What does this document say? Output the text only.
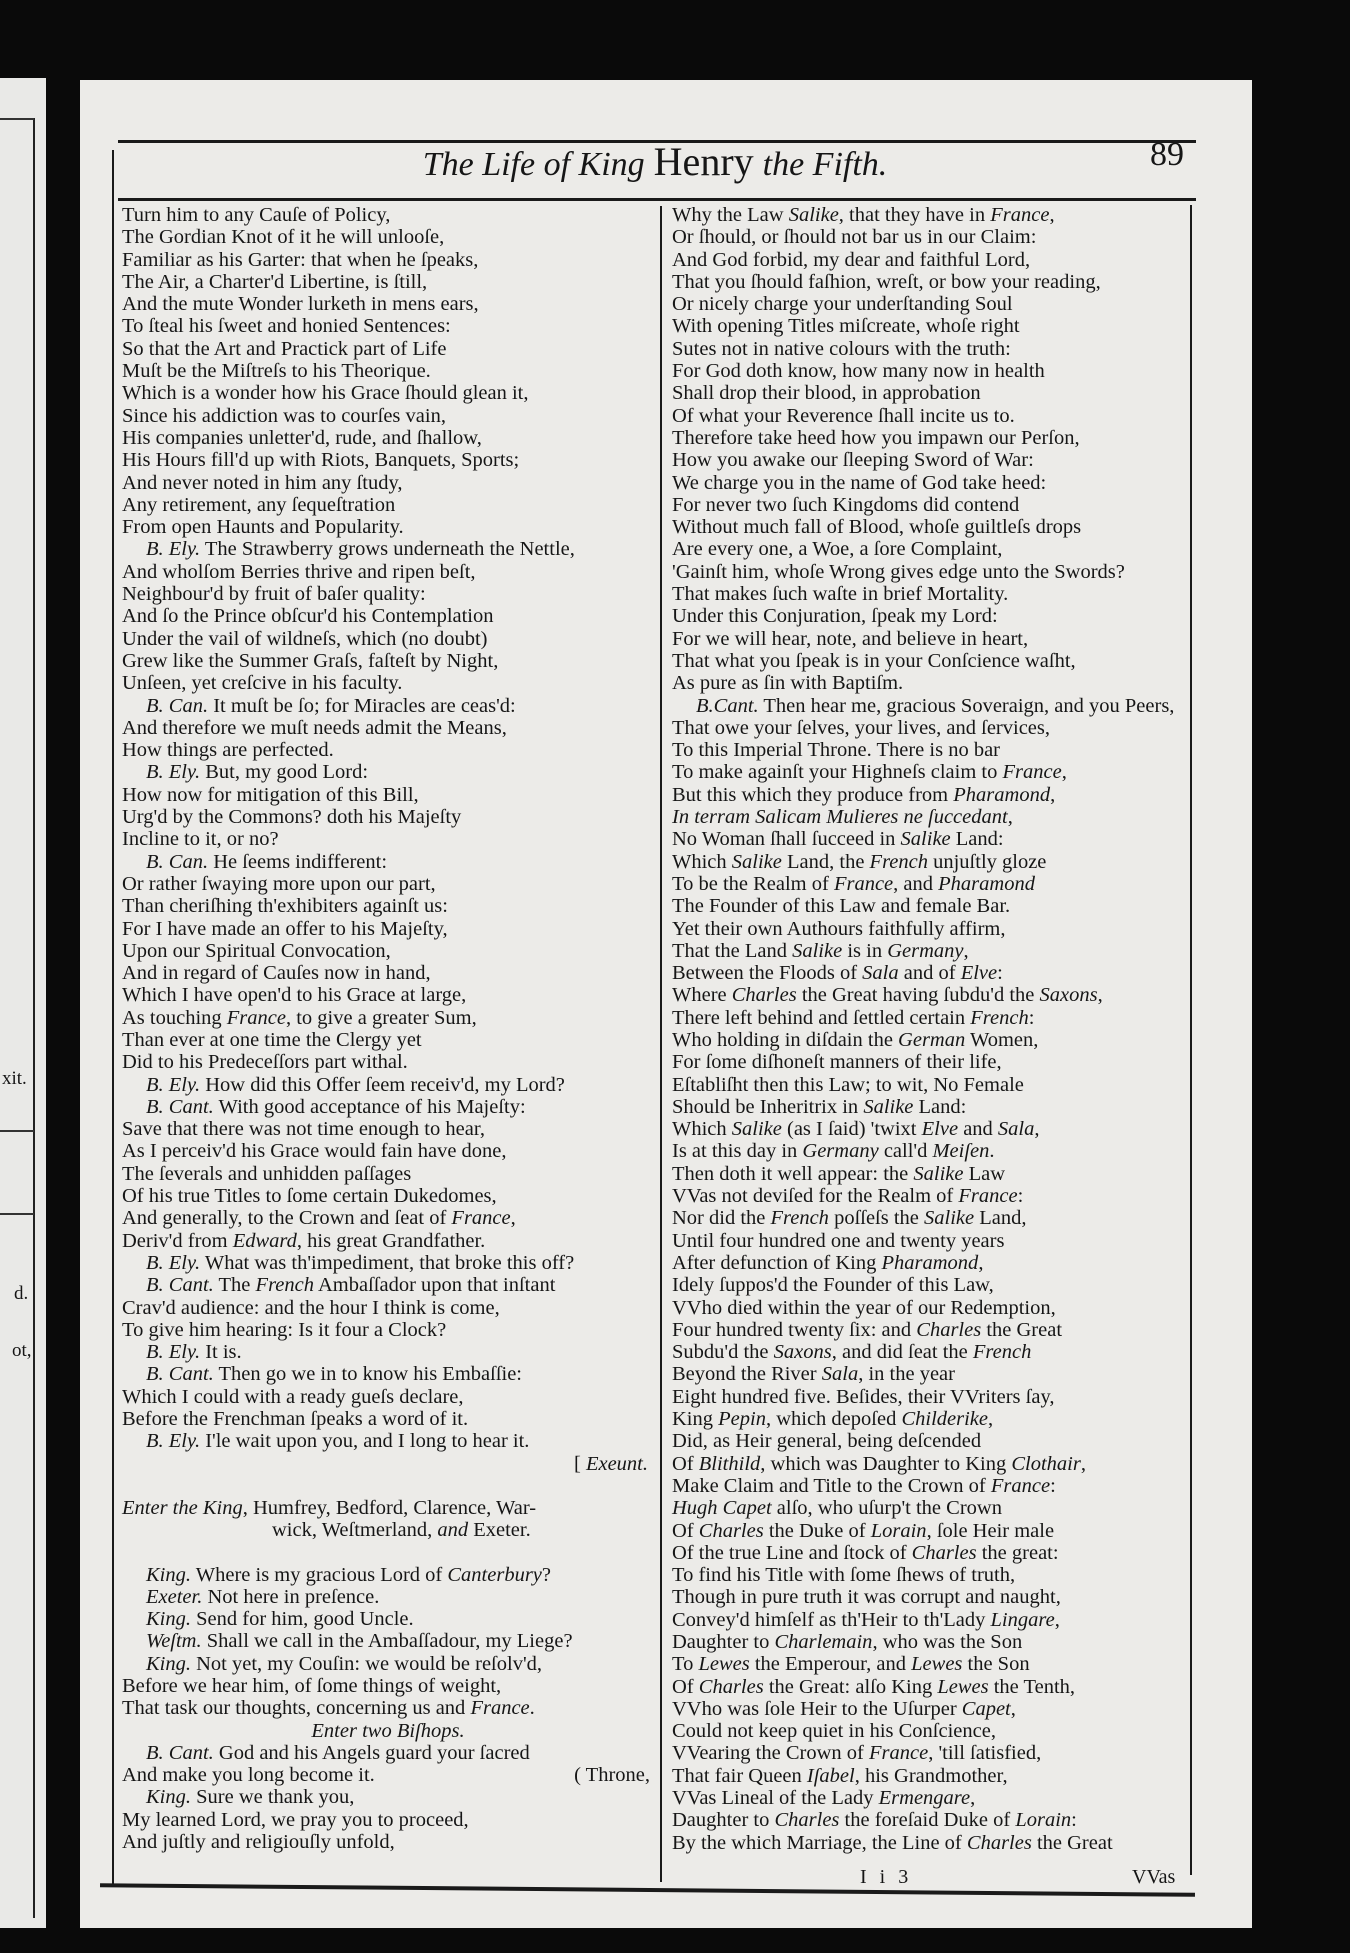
xit.
d.
ot,
The Life of King Henry the Fifth.	89
Turn him to any Cauſe of Policy,
The Gordian Knot of it he will unlooſe,
Familiar as his Garter: that when he ſpeaks,
The Air, a Charter'd Libertine, is ſtill,
And the mute Wonder lurketh in mens ears,
To ſteal his ſweet and honied Sentences:
So that the Art and Practick part of Life
Muſt be the Miſtreſs to his Theorique.
Which is a wonder how his Grace ſhould glean it,
Since his addiction was to courſes vain,
His companies unletter'd, rude, and ſhallow,
His Hours fill'd up with Riots, Banquets, Sports;
And never noted in him any ſtudy,
Any retirement, any ſequeſtration
From open Haunts and Popularity.
B. Ely. The Strawberry grows underneath the Nettle,
And wholſom Berries thrive and ripen beſt,
Neighbour'd by fruit of baſer quality:
And ſo the Prince obſcur'd his Contemplation
Under the vail of wildneſs, which (no doubt)
Grew like the Summer Graſs, faſteſt by Night,
Unſeen, yet creſcive in his faculty.
B. Can. It muſt be ſo; for Miracles are ceas'd:
And therefore we muſt needs admit the Means,
How things are perfected.
B. Ely. But, my good Lord:
How now for mitigation of this Bill,
Urg'd by the Commons? doth his Majeſty
Incline to it, or no?
B. Can. He ſeems indifferent:
Or rather ſwaying more upon our part,
Than cheriſhing th'exhibiters againſt us:
For I have made an offer to his Majeſty,
Upon our Spiritual Convocation,
And in regard of Cauſes now in hand,
Which I have open'd to his Grace at large,
As touching France, to give a greater Sum,
Than ever at one time the Clergy yet
Did to his Predeceſſors part withal.
B. Ely. How did this Offer ſeem receiv'd, my Lord?
B. Cant. With good acceptance of his Majeſty:
Save that there was not time enough to hear,
As I perceiv'd his Grace would fain have done,
The ſeverals and unhidden paſſages
Of his true Titles to ſome certain Dukedomes,
And generally, to the Crown and ſeat of France,
Deriv'd from Edward, his great Grandfather.
B. Ely. What was th'impediment, that broke this off?
B. Cant. The French Ambaſſador upon that inſtant
Crav'd audience: and the hour I think is come,
To give him hearing: Is it four a Clock?
B. Ely. It is.
B. Cant. Then go we in to know his Embaſſie:
Which I could with a ready gueſs declare,
Before the Frenchman ſpeaks a word of it.
B. Ely. I'le wait upon you, and I long to hear it.
[ Exeunt.
Enter the King, Humfrey, Bedford, Clarence, War-
wick, Weſtmerland, and Exeter.
King. Where is my gracious Lord of Canterbury?
Exeter. Not here in preſence.
King. Send for him, good Uncle.
Weſtm. Shall we call in the Ambaſſadour, my Liege?
King. Not yet, my Couſin: we would be reſolv'd,
Before we hear him, of ſome things of weight,
That task our thoughts, concerning us and France.
Enter two Biſhops.
B. Cant. God and his Angels guard your ſacred
And make you long become it.	( Throne,
King. Sure we thank you,
My learned Lord, we pray you to proceed,
And juſtly and religiouſly unfold,
Why the Law Salike, that they have in France,
Or ſhould, or ſhould not bar us in our Claim:
And God forbid, my dear and faithful Lord,
That you ſhould faſhion, wreſt, or bow your reading,
Or nicely charge your underſtanding Soul
With opening Titles miſcreate, whoſe right
Sutes not in native colours with the truth:
For God doth know, how many now in health
Shall drop their blood, in approbation
Of what your Reverence ſhall incite us to.
Therefore take heed how you impawn our Perſon,
How you awake our ſleeping Sword of War:
We charge you in the name of God take heed:
For never two ſuch Kingdoms did contend
Without much fall of Blood, whoſe guiltleſs drops
Are every one, a Woe, a ſore Complaint,
'Gainſt him, whoſe Wrong gives edge unto the Swords?
That makes ſuch waſte in brief Mortality.
Under this Conjuration, ſpeak my Lord:
For we will hear, note, and believe in heart,
That what you ſpeak is in your Conſcience waſht,
As pure as ſin with Baptiſm.
B.Cant. Then hear me, gracious Soveraign, and you Peers,
That owe your ſelves, your lives, and ſervices,
To this Imperial Throne. There is no bar
To make againſt your Highneſs claim to France,
But this which they produce from Pharamond,
In terram Salicam Mulieres ne ſuccedant,
No Woman ſhall ſucceed in Salike Land:
Which Salike Land, the French unjuſtly gloze
To be the Realm of France, and Pharamond
The Founder of this Law and female Bar.
Yet their own Authours faithfully affirm,
That the Land Salike is in Germany,
Between the Floods of Sala and of Elve:
Where Charles the Great having ſubdu'd the Saxons,
There left behind and ſettled certain French:
Who holding in diſdain the German Women,
For ſome diſhoneſt manners of their life,
Eſtabliſht then this Law; to wit, No Female
Should be Inheritrix in Salike Land:
Which Salike (as I ſaid) 'twixt Elve and Sala,
Is at this day in Germany call'd Meiſen.
Then doth it well appear: the Salike Law
VVas not deviſed for the Realm of France:
Nor did the French poſſeſs the Salike Land,
Until four hundred one and twenty years
After defunction of King Pharamond,
Idely ſuppos'd the Founder of this Law,
VVho died within the year of our Redemption,
Four hundred twenty ſix: and Charles the Great
Subdu'd the Saxons, and did ſeat the French
Beyond the River Sala, in the year
Eight hundred five. Beſides, their VVriters ſay,
King Pepin, which depoſed Childerike,
Did, as Heir general, being deſcended
Of Blithild, which was Daughter to King Clothair,
Make Claim and Title to the Crown of France:
Hugh Capet alſo, who uſurp't the Crown
Of Charles the Duke of Lorain, ſole Heir male
Of the true Line and ſtock of Charles the great:
To find his Title with ſome ſhews of truth,
Though in pure truth it was corrupt and naught,
Convey'd himſelf as th'Heir to th'Lady Lingare,
Daughter to Charlemain, who was the Son
To Lewes the Emperour, and Lewes the Son
Of Charles the Great: alſo King Lewes the Tenth,
VVho was ſole Heir to the Uſurper Capet,
Could not keep quiet in his Conſcience,
VVearing the Crown of France, 'till ſatisfied,
That fair Queen Iſabel, his Grandmother,
VVas Lineal of the Lady Ermengare,
Daughter to Charles the foreſaid Duke of Lorain:
By the which Marriage, the Line of Charles the Great
I i 3	VVas
